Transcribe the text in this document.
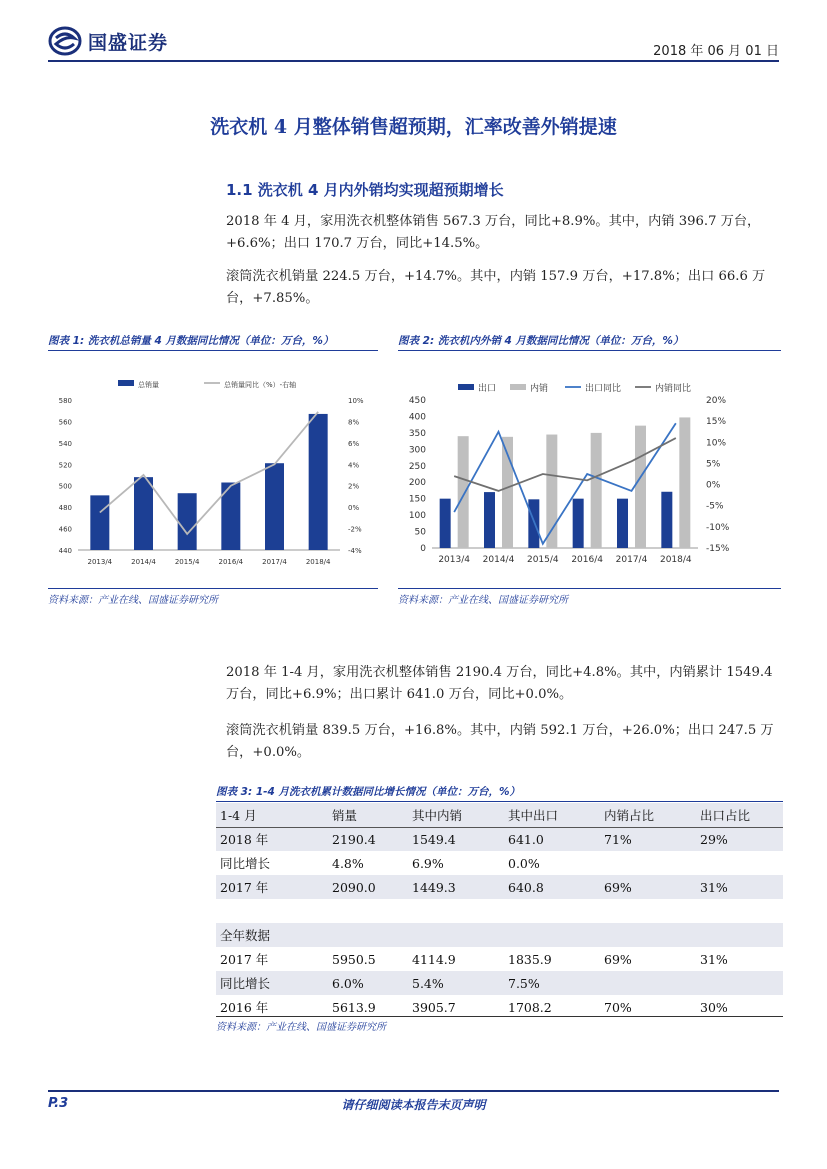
国盛证券	2018 年 06 月 01 日
洗衣机 4 月整体销售超预期，汇率改善外销提速
1.1 洗衣机 4 月内外销均实现超预期增长
2018 年 4 月，家用洗衣机整体销售 567.3 万台，同比+8.9%。其中，内销 396.7 万台，+6.6%；出口 170.7 万台，同比+14.5%。
滚筒洗衣机销量 224.5 万台，+14.7%。其中，内销 157.9 万台，+17.8%；出口 66.6 万台，+7.85%。
图表 1: 洗衣机总销量 4 月数据同比情况（单位：万台，%）
440
460
480
500
520
540
560
580
-4%
-2%
0%
2%
4%
6%
8%
10%
2013/4	2014/4	2015/4	2016/4	2017/4	2018/4
总销量	总销量同比（%）-右轴
资料来源：产业在线、国盛证券研究所
图表 2: 洗衣机内外销 4 月数据同比情况（单位：万台，%）
0
50
100
150
200
250
300
350
400
450
-15%
-10%
-5%
0%
5%
10%
15%
20%
2013/4 2014/4 2015/4 2016/4 2017/4 2018/4
出口	内销	出口同比	内销同比
资料来源：产业在线、国盛证券研究所
2018 年 1-4 月，家用洗衣机整体销售 2190.4 万台，同比+4.8%。其中，内销累计 1549.4 万台，同比+6.9%；出口累计 641.0 万台，同比+0.0%。
滚筒洗衣机销量 839.5 万台，+16.8%。其中，内销 592.1 万台，+26.0%；出口 247.5 万台，+0.0%。
图表 3: 1-4 月洗衣机累计数据同比增长情况（单位：万台，%）
1-4 月	销量	其中内销	其中出口	内销占比	出口占比
2018 年	2190.4	1549.4	641.0	71%	29%
同比增长	4.8%	6.9%	0.0%		
2017 年	2090.0	1449.3	640.8	69%	31%

全年数据					
2017 年	5950.5	4114.9	1835.9	69%	31%
同比增长	6.0%	5.4%	7.5%		
2016 年	5613.9	3905.7	1708.2	70%	30%
资料来源：产业在线、国盛证券研究所
P.3	请仔细阅读本报告末页声明
